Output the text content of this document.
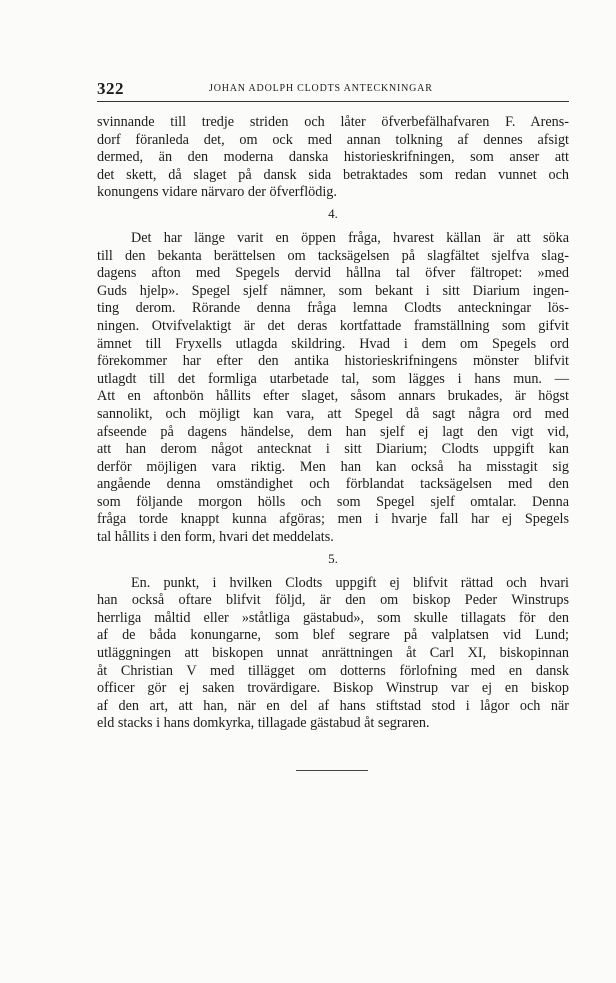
322	JOHAN ADOLPH CLODTS ANTECKNINGAR
svinnande till tredje striden och låter öfverbefälhafvaren F. Arens-
dorf föranleda det, om ock med annan tolkning af dennes afsigt
dermed, än den moderna danska historieskrifningen, som anser att
det skett, då slaget på dansk sida betraktades som redan vunnet och
konungens vidare närvaro der öfverflödig.
4.
Det har länge varit en öppen fråga, hvarest källan är att söka
till den bekanta berättelsen om tacksägelsen på slagfältet sjelfva slag-
dagens afton med Spegels dervid hållna tal öfver fältropet: »med
Guds hjelp». Spegel sjelf nämner, som bekant i sitt Diarium ingen-
ting derom. Rörande denna fråga lemna Clodts anteckningar lös-
ningen. Otvifvelaktigt är det deras kortfattade framställning som gifvit
ämnet till Fryxells utlagda skildring. Hvad i dem om Spegels ord
förekommer har efter den antika historieskrifningens mönster blifvit
utlagdt till det formliga utarbetade tal, som lägges i hans mun. —
Att en aftonbön hållits efter slaget, såsom annars brukades, är högst
sannolikt, och möjligt kan vara, att Spegel då sagt några ord med
afseende på dagens händelse, dem han sjelf ej lagt den vigt vid,
att han derom något antecknat i sitt Diarium; Clodts uppgift kan
derför möjligen vara riktig. Men han kan också ha misstagit sig
angående denna omständighet och förblandat tacksägelsen med den
som följande morgon hölls och som Spegel sjelf omtalar. Denna
fråga torde knappt kunna afgöras; men i hvarje fall har ej Spegels
tal hållits i den form, hvari det meddelats.
5.
En. punkt, i hvilken Clodts uppgift ej blifvit rättad och hvari
han också oftare blifvit följd, är den om biskop Peder Winstrups
herrliga måltid eller »ståtliga gästabud», som skulle tillagats för den
af de båda konungarne, som blef segrare på valplatsen vid Lund;
utläggningen att biskopen unnat anrättningen åt Carl XI, biskopinnan
åt Christian V med tillägget om dotterns förlofning med en dansk
officer gör ej saken trovärdigare. Biskop Winstrup var ej en biskop
af den art, att han, när en del af hans stiftstad stod i lågor och när
eld stacks i hans domkyrka, tillagade gästabud åt segraren.
